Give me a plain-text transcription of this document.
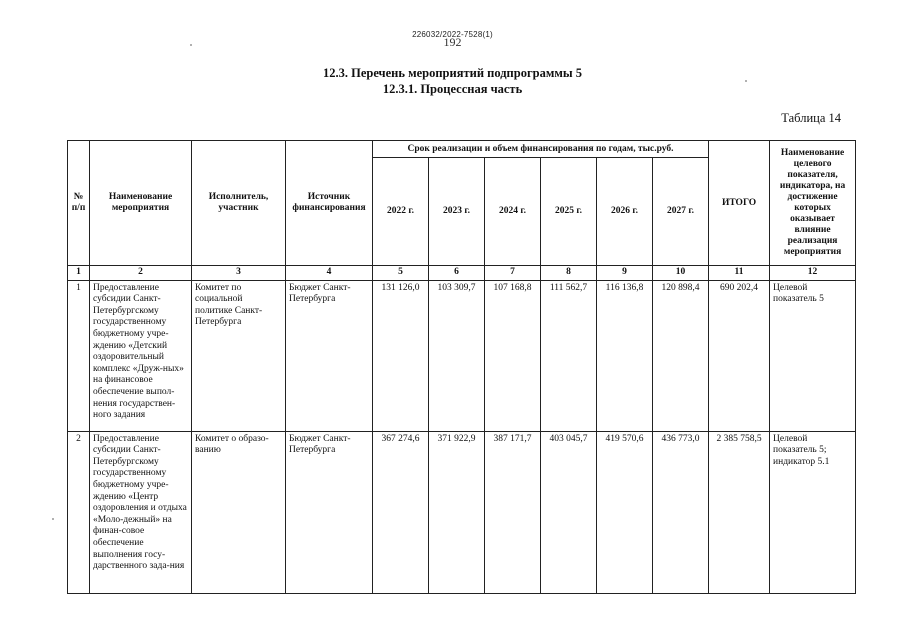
226032/2022-7528(1)
192
12.3. Перечень мероприятий подпрограммы 5
12.3.1. Процессная часть
Таблица 14
№ п/п	Наименование мероприятия	Исполнитель, участник	Источник финансирования	Срок реализации и объем финансирования по годам, тыс.руб.						ИТОГО	Наименование целевого показателя, индикатора, на достижение которых оказывает влияние реализация мероприятия
				2022 г.	2023 г.	2024 г.	2025 г.	2026 г.	2027 г.		
1	2	3	4	5	6	7	8	9	10	11	12
1	Предоставление субсидии Санкт-Петербургскому государственному бюджетному учре-ждению «Детский оздоровительный комплекс «Друж-ных» на финансовое обеспечение выпол-нения государствен-ного задания	Комитет по социальной политике Санкт-Петербурга	Бюджет Санкт-Петербурга	131 126,0	103 309,7	107 168,8	111 562,7	116 136,8	120 898,4	690 202,4	Целевой показатель 5
2	Предоставление субсидии Санкт-Петербургскому государственному бюджетному учре-ждению «Центр оздоровления и отдыха «Моло-дежный» на финан-совое обеспечение выполнения госу-дарственного зада-ния	Комитет о образо-ванию	Бюджет Санкт-Петербурга	367 274,6	371 922,9	387 171,7	403 045,7	419 570,6	436 773,0	2 385 758,5	Целевой показатель 5; индикатор 5.1
